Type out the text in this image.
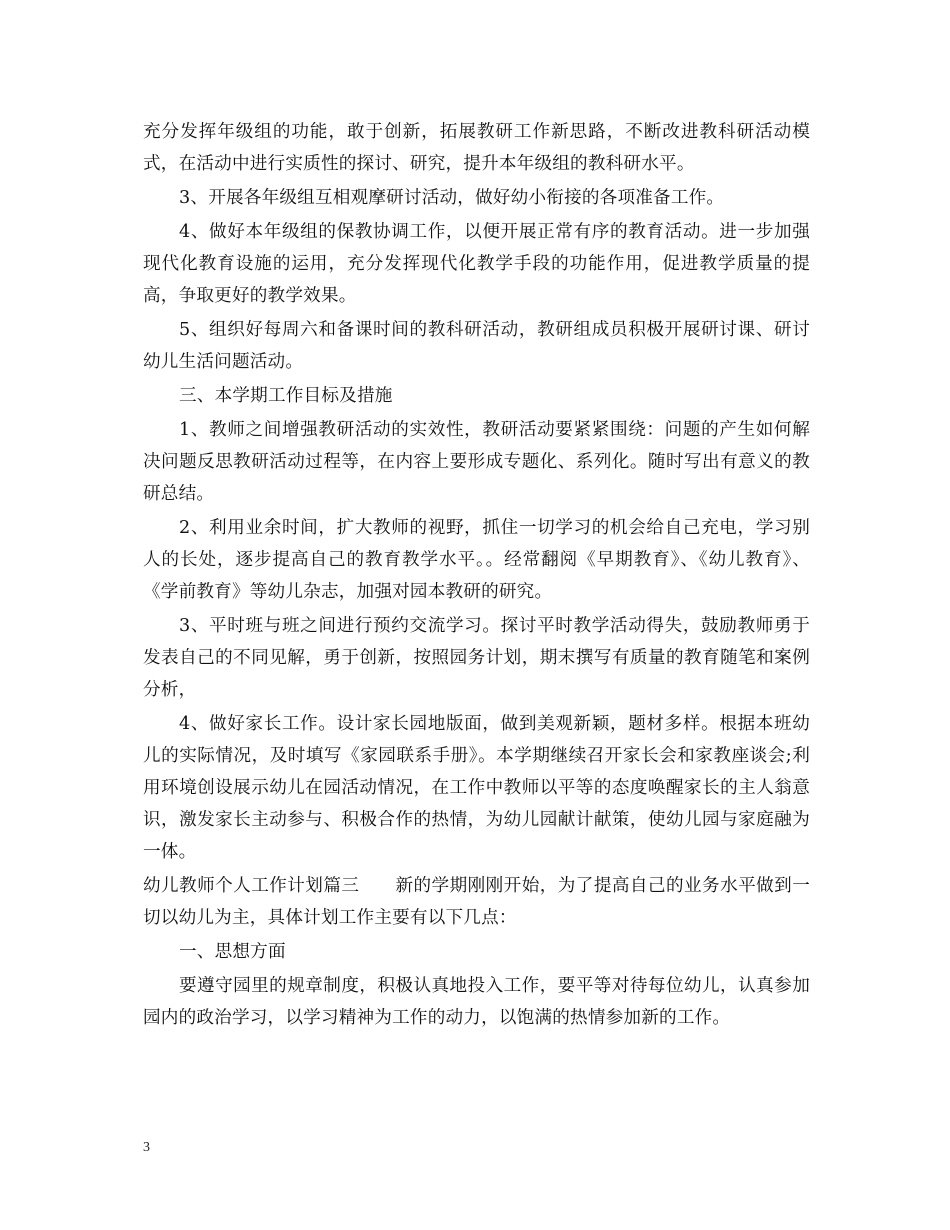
充分发挥年级组的功能，敢于创新，拓展教研工作新思路，不断改进教科研活动模式，在活动中进行实质性的探讨、研究，提升本年级组的教科研水平。

3、开展各年级组互相观摩研讨活动，做好幼小衔接的各项准备工作。

4、做好本年级组的保教协调工作，以便开展正常有序的教育活动。进一步加强现代化教育设施的运用，充分发挥现代化教学手段的功能作用，促进教学质量的提高，争取更好的教学效果。

5、组织好每周六和备课时间的教科研活动，教研组成员积极开展研讨课、研讨幼儿生活问题活动。

三、本学期工作目标及措施

1、教师之间增强教研活动的实效性，教研活动要紧紧围绕：问题的产生如何解决问题反思教研活动过程等，在内容上要形成专题化、系列化。随时写出有意义的教研总结。

2、利用业余时间，扩大教师的视野，抓住一切学习的机会给自己充电，学习别人的长处，逐步提高自己的教育教学水平。。经常翻阅《早期教育》、《幼儿教育》、《学前教育》等幼儿杂志，加强对园本教研的研究。

3、平时班与班之间进行预约交流学习。探讨平时教学活动得失，鼓励教师勇于发表自己的不同见解，勇于创新，按照园务计划，期末撰写有质量的教育随笔和案例分析，

4、做好家长工作。设计家长园地版面，做到美观新颖，题材多样。根据本班幼儿的实际情况，及时填写《家园联系手册》。本学期继续召开家长会和家教座谈会;利用环境创设展示幼儿在园活动情况，在工作中教师以平等的态度唤醒家长的主人翁意识，激发家长主动参与、积极合作的热情，为幼儿园献计献策，使幼儿园与家庭融为一体。

幼儿教师个人工作计划篇三　　新的学期刚刚开始，为了提高自己的业务水平做到一切以幼儿为主，具体计划工作主要有以下几点：

一、思想方面

要遵守园里的规章制度，积极认真地投入工作，要平等对待每位幼儿，认真参加园内的政治学习，以学习精神为工作的动力，以饱满的热情参加新的工作。

3
